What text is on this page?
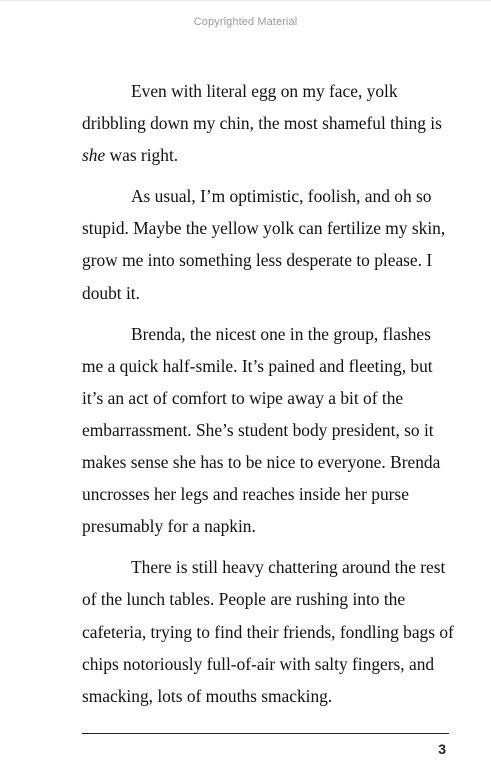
Copyrighted Material

Even with literal egg on my face, yolk dribbling down my chin, the most shameful thing is she was right.

As usual, I’m optimistic, foolish, and oh so stupid. Maybe the yellow yolk can fertilize my skin, grow me into something less desperate to please. I doubt it.

Brenda, the nicest one in the group, flashes me a quick half-smile. It’s pained and fleeting, but it’s an act of comfort to wipe away a bit of the embarrassment. She’s student body president, so it makes sense she has to be nice to everyone. Brenda uncrosses her legs and reaches inside her purse presumably for a napkin.

There is still heavy chattering around the rest of the lunch tables. People are rushing into the cafeteria, trying to find their friends, fondling bags of chips notoriously full-of-air with salty fingers, and smacking, lots of mouths smacking.

3
